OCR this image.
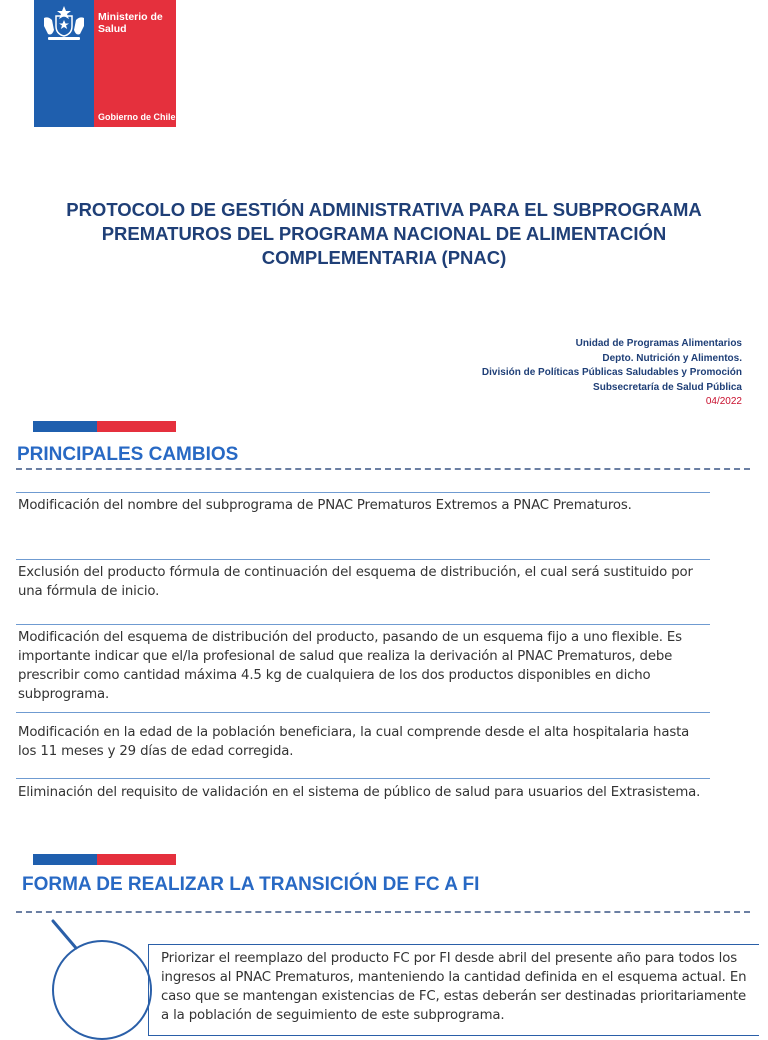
Ministerio de Salud
Gobierno de Chile
PROTOCOLO DE GESTIÓN ADMINISTRATIVA PARA EL SUBPROGRAMA PREMATUROS DEL PROGRAMA NACIONAL DE ALIMENTACIÓN COMPLEMENTARIA (PNAC)
Unidad de Programas Alimentarios
Depto. Nutrición y Alimentos.
División de Políticas Públicas Saludables y Promoción
Subsecretaría de Salud Pública
04/2022
PRINCIPALES CAMBIOS
Modificación del nombre del subprograma de PNAC Prematuros Extremos a PNAC Prematuros.
Exclusión del producto fórmula de continuación del esquema de distribución, el cual será sustituido por una fórmula de inicio.
Modificación del esquema de distribución del producto, pasando de un esquema fijo a uno flexible. Es importante indicar que el/la profesional de salud que realiza la derivación al PNAC Prematuros, debe prescribir como cantidad máxima 4.5 kg de cualquiera de los dos productos disponibles en dicho subprograma.
Modificación en la edad de la población beneficiara, la cual comprende desde el alta hospitalaria hasta los 11 meses y 29 días de edad corregida.
Eliminación del requisito de validación en el sistema de público de salud para usuarios del Extrasistema.
FORMA DE REALIZAR LA TRANSICIÓN DE FC A FI
Priorizar el reemplazo del producto FC por FI desde abril del presente año para todos los ingresos al PNAC Prematuros, manteniendo la cantidad definida en el esquema actual. En caso que se mantengan existencias de FC, estas deberán ser destinadas prioritariamente a la población de seguimiento de este subprograma.
